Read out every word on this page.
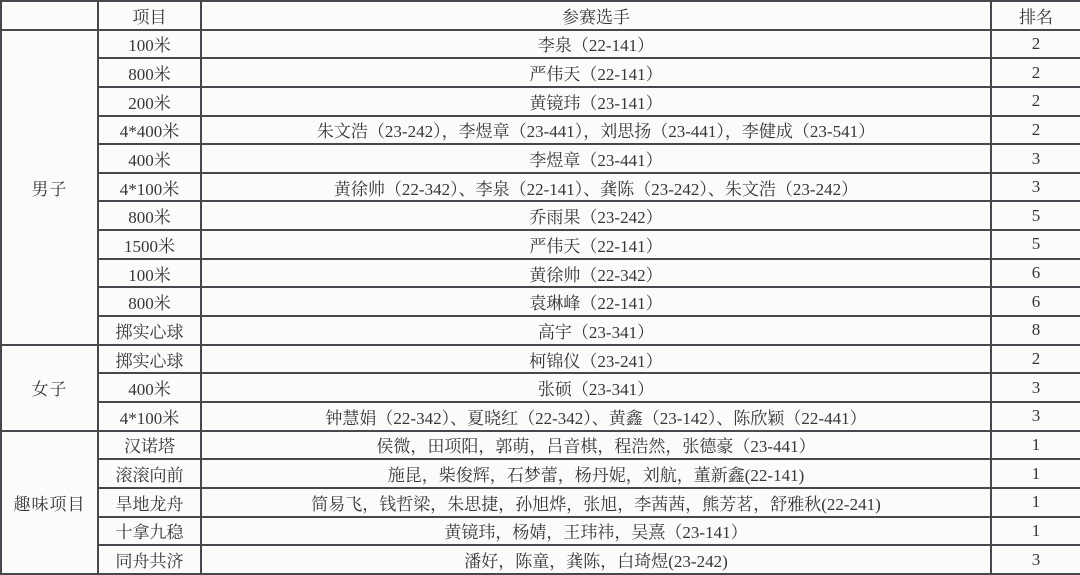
	项目	参赛选手	排名
男子	100米	李泉（22-141）	2
	800米	严伟天（22-141）	2
	200米	黄镜玮（23-141）	2
	4*400米	朱文浩（23-242），李煜章（23-441），刘思扬（23-441），李健成（23-541）	2
	400米	李煜章（23-441）	3
	4*100米	黄徐帅（22-342）、李泉（22-141）、龚陈（23-242）、朱文浩（23-242）	3
	800米	乔雨果（23-242）	5
	1500米	严伟天（22-141）	5
	100米	黄徐帅（22-342）	6
	800米	袁琳峰（22-141）	6
	掷实心球	高宇（23-341）	8
女子	掷实心球	柯锦仪（23-241）	2
	400米	张硕（23-341）	3
	4*100米	钟慧娟（22-342）、夏晓红（22-342）、黄鑫（23-142）、陈欣颖（22-441）	3
趣味项目	汉诺塔	侯微，田项阳，郭萌，吕音棋，程浩然，张德豪（23-441）	1
	滚滚向前	施昆，柴俊辉，石梦蕾，杨丹妮，刘航，董新鑫(22-141)	1
	旱地龙舟	简易飞，钱哲梁，朱思捷，孙旭烨，张旭，李茜茜，熊芳茗，舒雅秋(22-241)	1
	十拿九稳	黄镜玮，杨婧，王玮祎，吴熹（23-141）	1
	同舟共济	潘好，陈童，龚陈，白琦煜(23-242)	3
